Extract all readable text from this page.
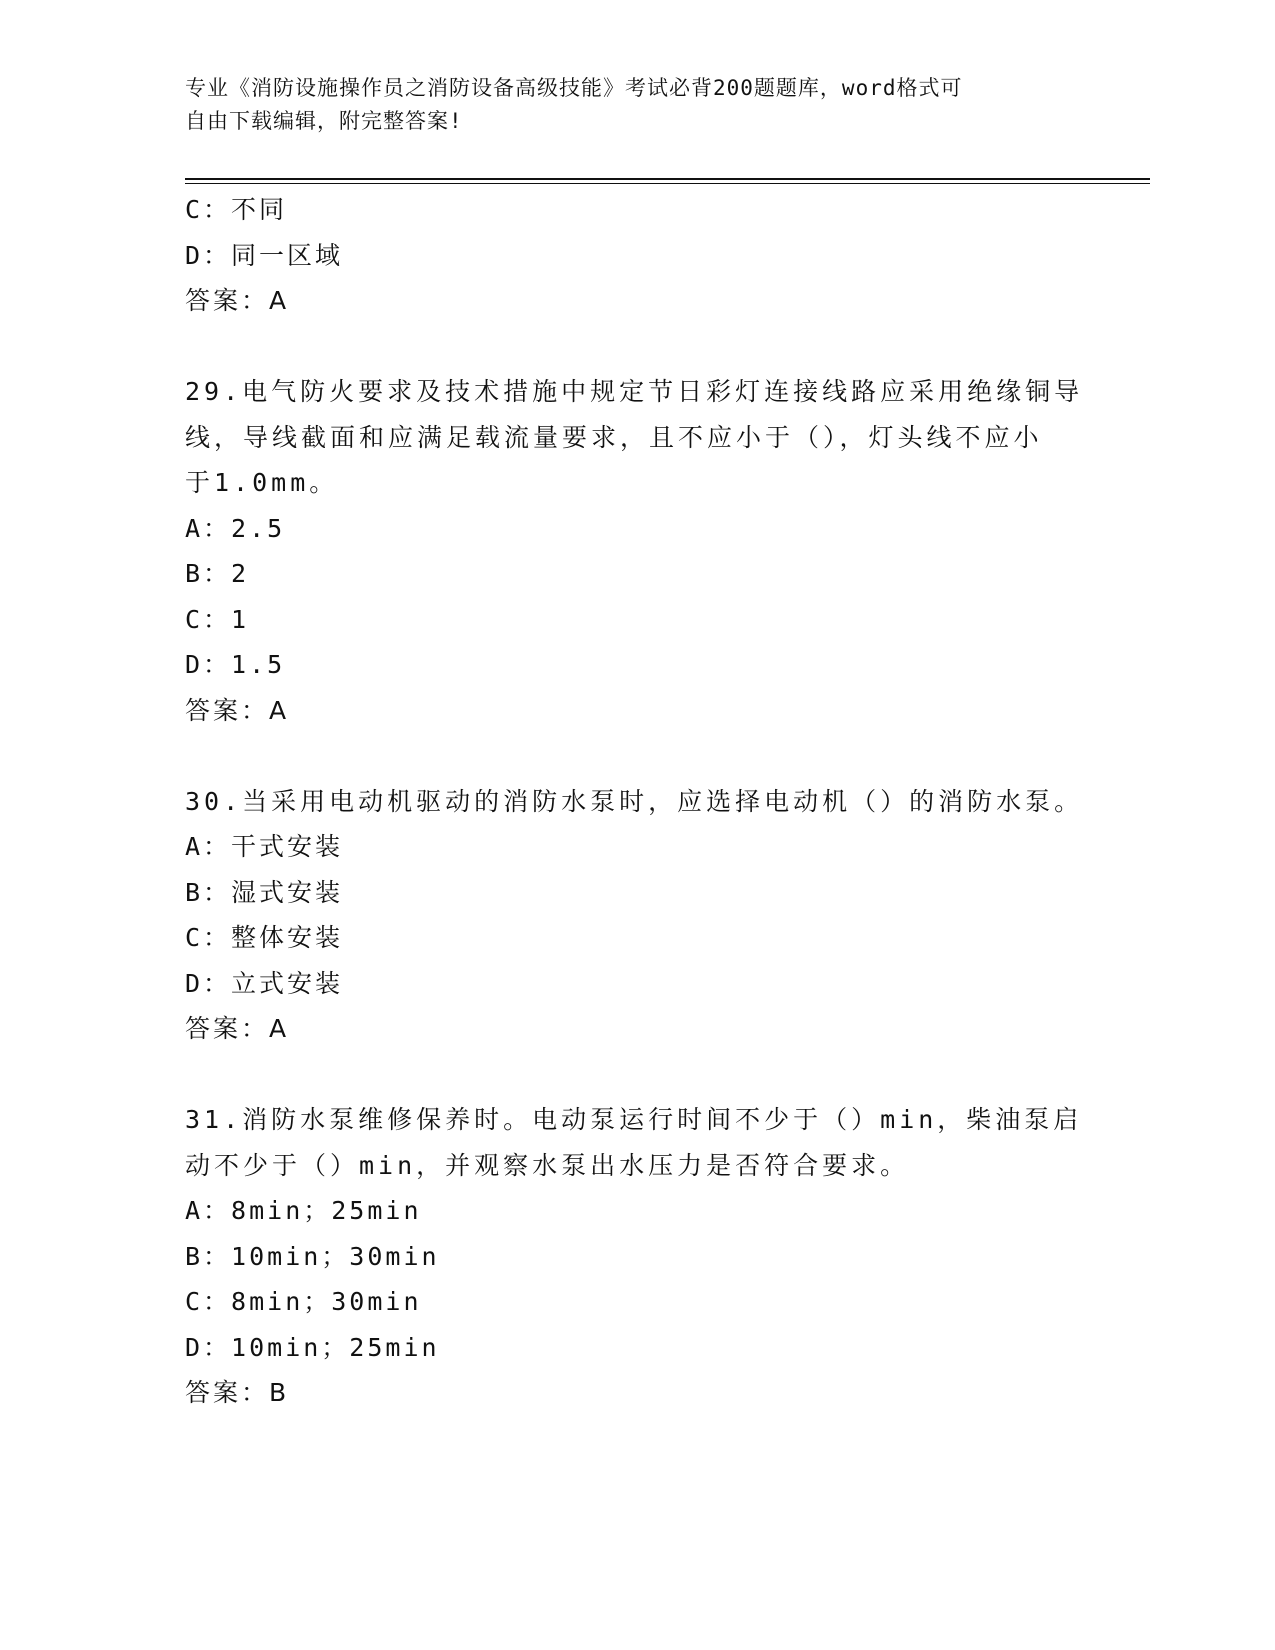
专业《消防设施操作员之消防设备高级技能》考试必背200题题库，word格式可
自由下载编辑，附完整答案!
C：不同
D：同一区域
答案：A
29.电气防火要求及技术措施中规定节日彩灯连接线路应采用绝缘铜导
线，导线截面和应满足载流量要求，且不应小于（），灯头线不应小
于1.0mm。
A：2.5
B：2
C：1
D：1.5
答案：A
30.当采用电动机驱动的消防水泵时，应选择电动机（）的消防水泵。
A：干式安装
B：湿式安装
C：整体安装
D：立式安装
答案：A
31.消防水泵维修保养时。电动泵运行时间不少于（）min，柴油泵启
动不少于（）min，并观察水泵出水压力是否符合要求。
A：8min；25min
B：10min；30min
C：8min；30min
D：10min；25min
答案：B
